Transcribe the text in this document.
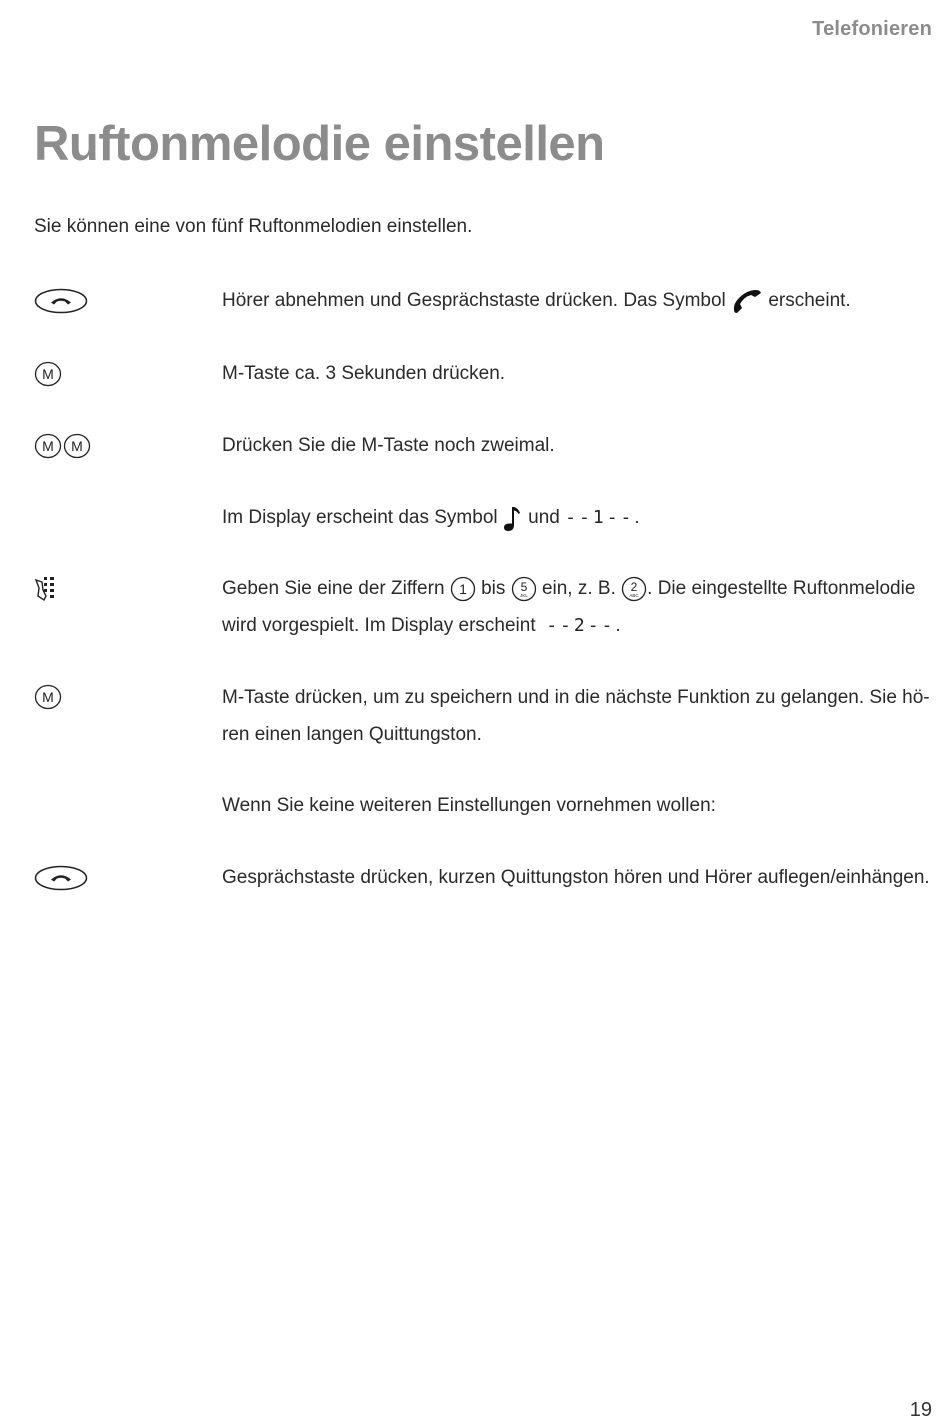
Telefonieren
Ruftonmelodie einstellen
Sie können eine von fünf Ruftonmelodien einstellen.
Hörer abnehmen und Gesprächstaste drücken. Das Symbol erscheint.
M	M-Taste ca. 3 Sekunden drücken.
M M	Drücken Sie die M-Taste noch zweimal.
Im Display erscheint das Symbol und --1--.
Geben Sie eine der Ziffern 1 bis 5
JKL ein, z. B. 2
ABC . Die eingestellte Ruftonmelodie
wird vorgespielt. Im Display erscheint --2--.
M	M-Taste drücken, um zu speichern und in die nächste Funktion zu gelangen. Sie hö-
ren einen langen Quittungston.
Wenn Sie keine weiteren Einstellungen vornehmen wollen:
Gesprächstaste drücken, kurzen Quittungston hören und Hörer auflegen/einhängen.
19
